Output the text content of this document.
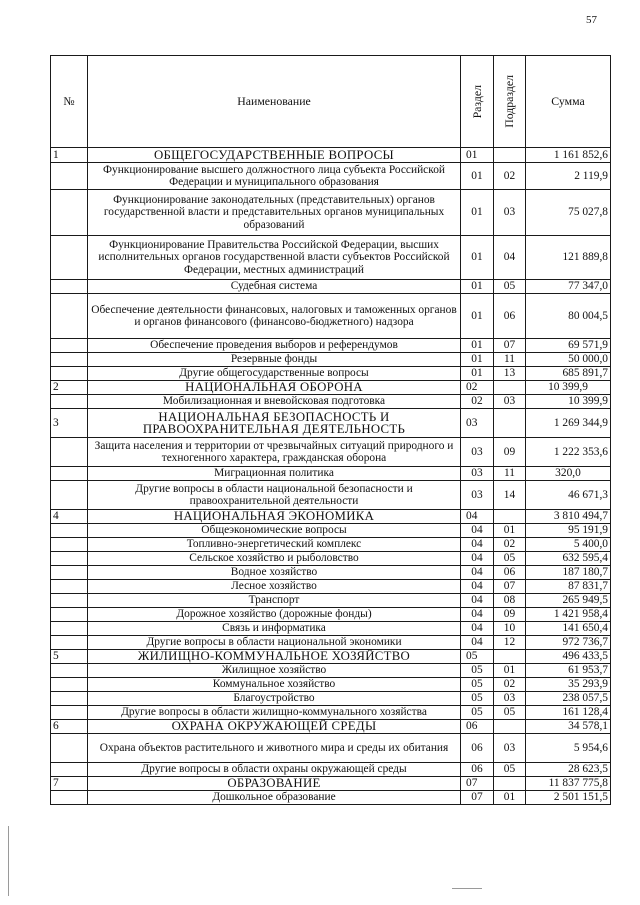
57
№	Наименование	Раздел	Подраздел	Сумма
1	ОБЩЕГОСУДАРСТВЕННЫЕ ВОПРОСЫ	01		1 161 852,6
	Функционирование высшего должностного лица субъекта Российской Федерации и муниципального образования	01	02	2 119,9
	Функционирование законодательных (представительных) органов государственной власти и представительных органов муниципальных образований	01	03	75 027,8
	Функционирование Правительства Российской Федерации, высших исполнительных органов государственной власти субъектов Российской Федерации, местных администраций	01	04	121 889,8
	Судебная система	01	05	77 347,0
	Обеспечение деятельности финансовых, налоговых и таможенных органов и органов финансового (финансово-бюджетного) надзора	01	06	80 004,5
	Обеспечение проведения выборов и референдумов	01	07	69 571,9
	Резервные фонды	01	11	50 000,0
	Другие общегосударственные вопросы	01	13	685 891,7
2	НАЦИОНАЛЬНАЯ ОБОРОНА	02		10 399,9
	Мобилизационная и вневойсковая подготовка	02	03	10 399,9
3	НАЦИОНАЛЬНАЯ БЕЗОПАСНОСТЬ И ПРАВООХРАНИТЕЛЬНАЯ ДЕЯТЕЛЬНОСТЬ	03		1 269 344,9
	Защита населения и территории от чрезвычайных ситуаций природного и техногенного характера, гражданская оборона	03	09	1 222 353,6
	Миграционная политика	03	11	320,0
	Другие вопросы в области национальной безопасности и правоохранительной деятельности	03	14	46 671,3
4	НАЦИОНАЛЬНАЯ ЭКОНОМИКА	04		3 810 494,7
	Общеэкономические вопросы	04	01	95 191,9
	Топливно-энергетический комплекс	04	02	5 400,0
	Сельское хозяйство и рыболовство	04	05	632 595,4
	Водное хозяйство	04	06	187 180,7
	Лесное хозяйство	04	07	87 831,7
	Транспорт	04	08	265 949,5
	Дорожное хозяйство (дорожные фонды)	04	09	1 421 958,4
	Связь и информатика	04	10	141 650,4
	Другие вопросы в области национальной экономики	04	12	972 736,7
5	ЖИЛИЩНО-КОММУНАЛЬНОЕ ХОЗЯЙСТВО	05		496 433,5
	Жилищное хозяйство	05	01	61 953,7
	Коммунальное хозяйство	05	02	35 293,9
	Благоустройство	05	03	238 057,5
	Другие вопросы в области жилищно-коммунального хозяйства	05	05	161 128,4
6	ОХРАНА ОКРУЖАЮЩЕЙ СРЕДЫ	06		34 578,1
	Охрана объектов растительного и животного мира и среды их обитания	06	03	5 954,6
	Другие вопросы в области охраны окружающей среды	06	05	28 623,5
7	ОБРАЗОВАНИЕ	07		11 837 775,8
	Дошкольное образование	07	01	2 501 151,5
